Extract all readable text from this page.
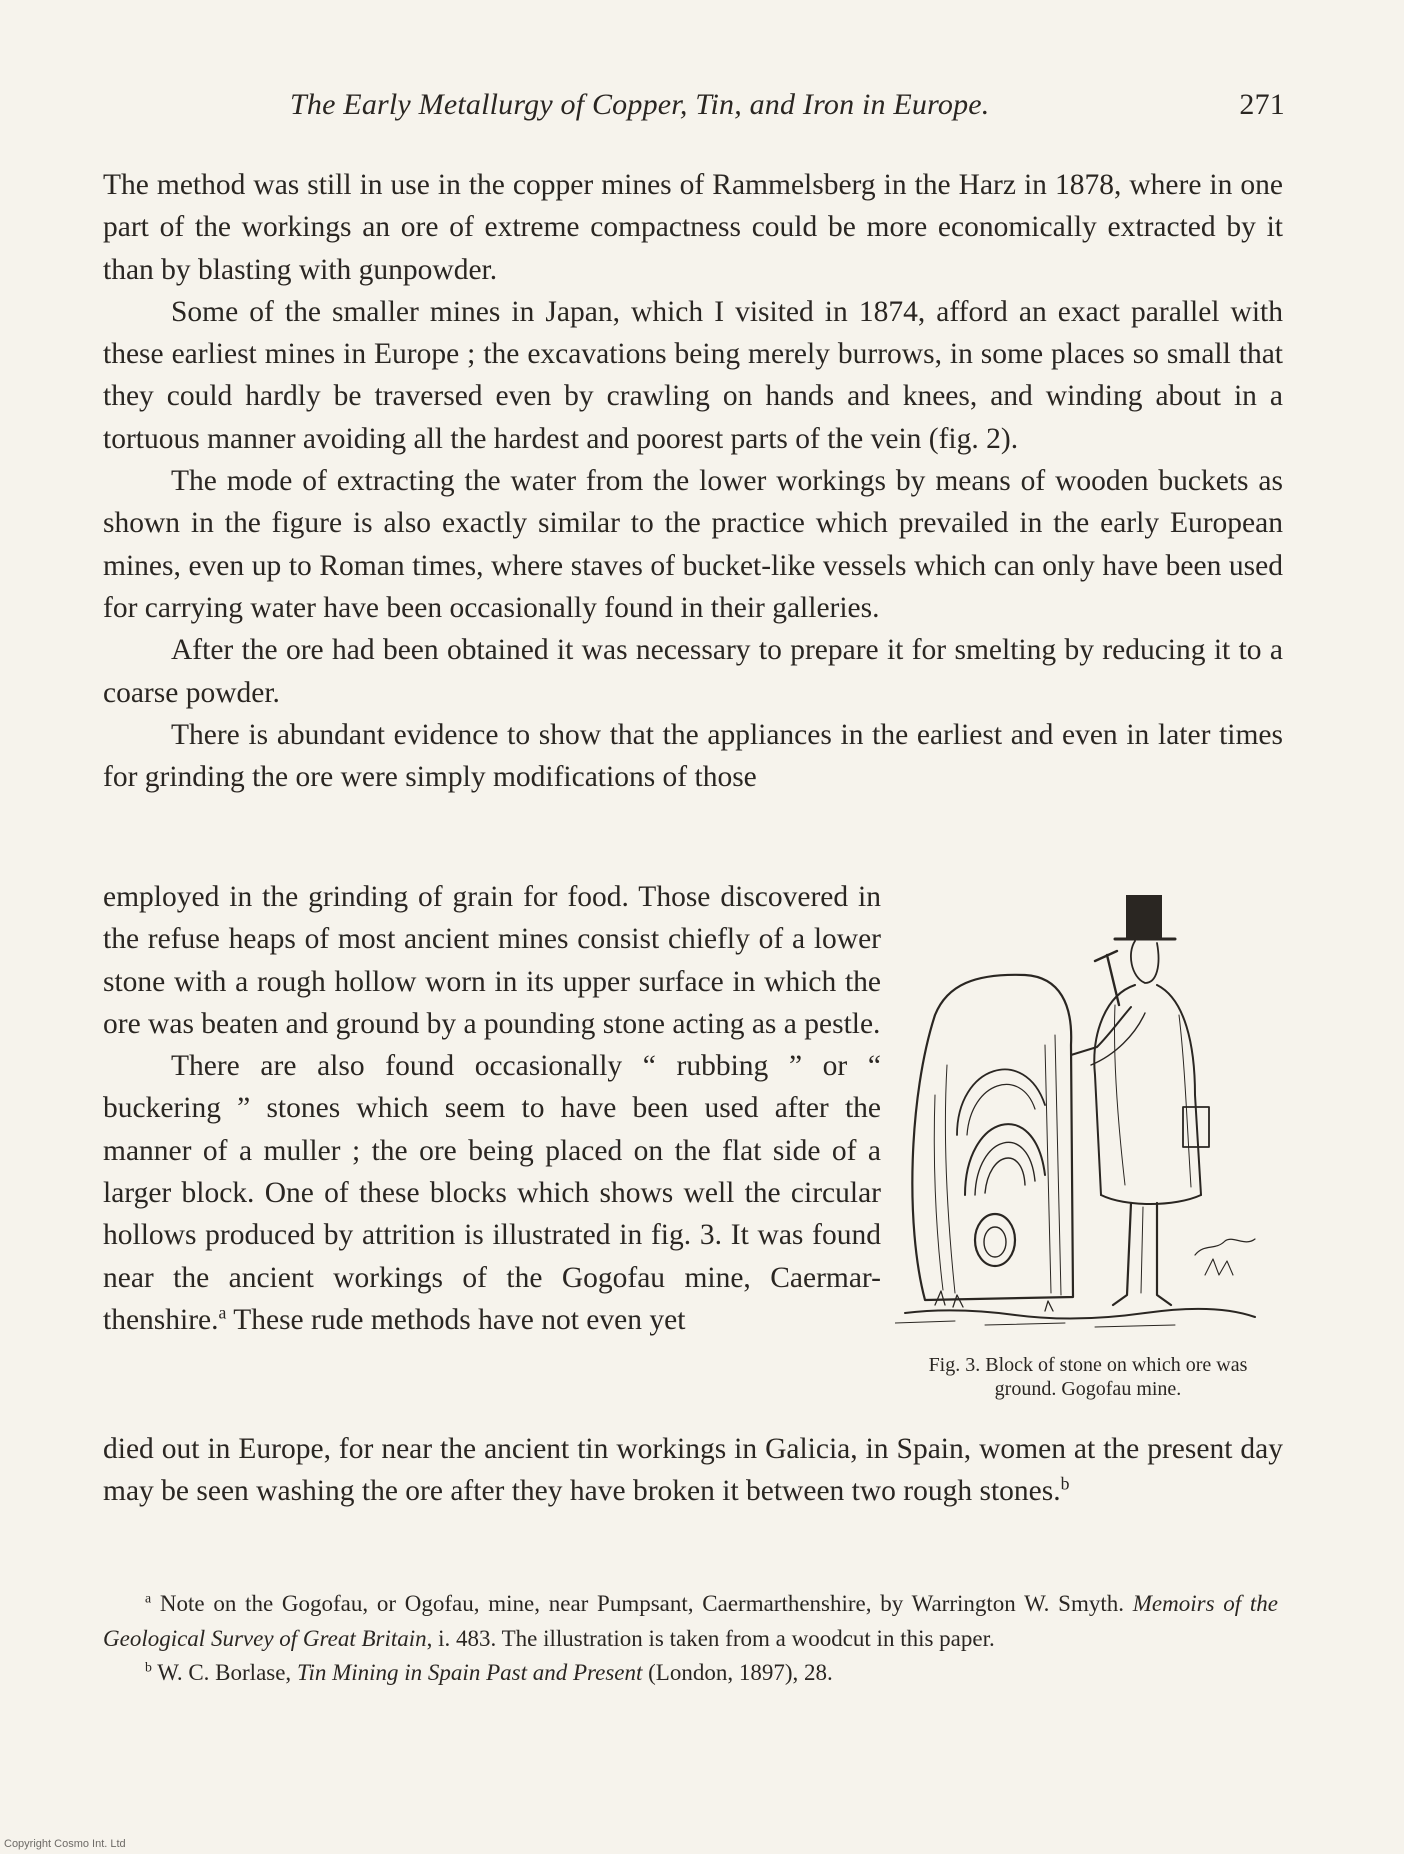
The Early Metallurgy of Copper, Tin, and Iron in Europe.	271

The method was still in use in the copper mines of Rammelsberg in the Harz in 1878, where in one part of the workings an ore of extreme compactness could be more economically extracted by it than by blasting with gunpowder.

Some of the smaller mines in Japan, which I visited in 1874, afford an exact parallel with these earliest mines in Europe ; the excavations being merely burrows, in some places so small that they could hardly be traversed even by crawling on hands and knees, and winding about in a tortuous manner avoiding all the hardest and poorest parts of the vein (fig. 2).

The mode of extracting the water from the lower workings by means of wooden buckets as shown in the figure is also exactly similar to the practice which prevailed in the early European mines, even up to Roman times, where staves of bucket-like vessels which can only have been used for carrying water have been occasionally found in their galleries.

After the ore had been obtained it was necessary to prepare it for smelting by reducing it to a coarse powder.

There is abundant evidence to show that the appliances in the earliest and even in later times for grinding the ore were simply modifications of those

employed in the grinding of grain for food. Those discovered in the refuse heaps of most ancient mines consist chiefly of a lower stone with a rough hollow worn in its upper surface in which the ore was beaten and ground by a pounding stone acting as a pestle.

There are also found occasionally “ rubbing ” or “ buckering ” stones which seem to have been used after the manner of a muller ; the ore being placed on the flat side of a larger block. One of these blocks which shows well the circular hollows produced by attrition is illustrated in fig. 3. It was found near the ancient workings of the Gogofau mine, Caermar-thenshire.$^a$ These rude methods have not even yet

died out in Europe, for near the ancient tin workings in Galicia, in Spain, women at the present day may be seen washing the ore after they have broken it between two rough stones.$^b$

Fig. 3. Block of stone on which ore was
ground. Gogofau mine.

$^a$ Note on the Gogofau, or Ogofau, mine, near Pumpsant, Caermarthenshire, by Warrington W. Smyth. Memoirs of the Geological Survey of Great Britain, i. 483. The illustration is taken from a woodcut in this paper.

$^b$ W. C. Borlase, Tin Mining in Spain Past and Present (London, 1897), 28.

Copyright Cosmo Int. Ltd
